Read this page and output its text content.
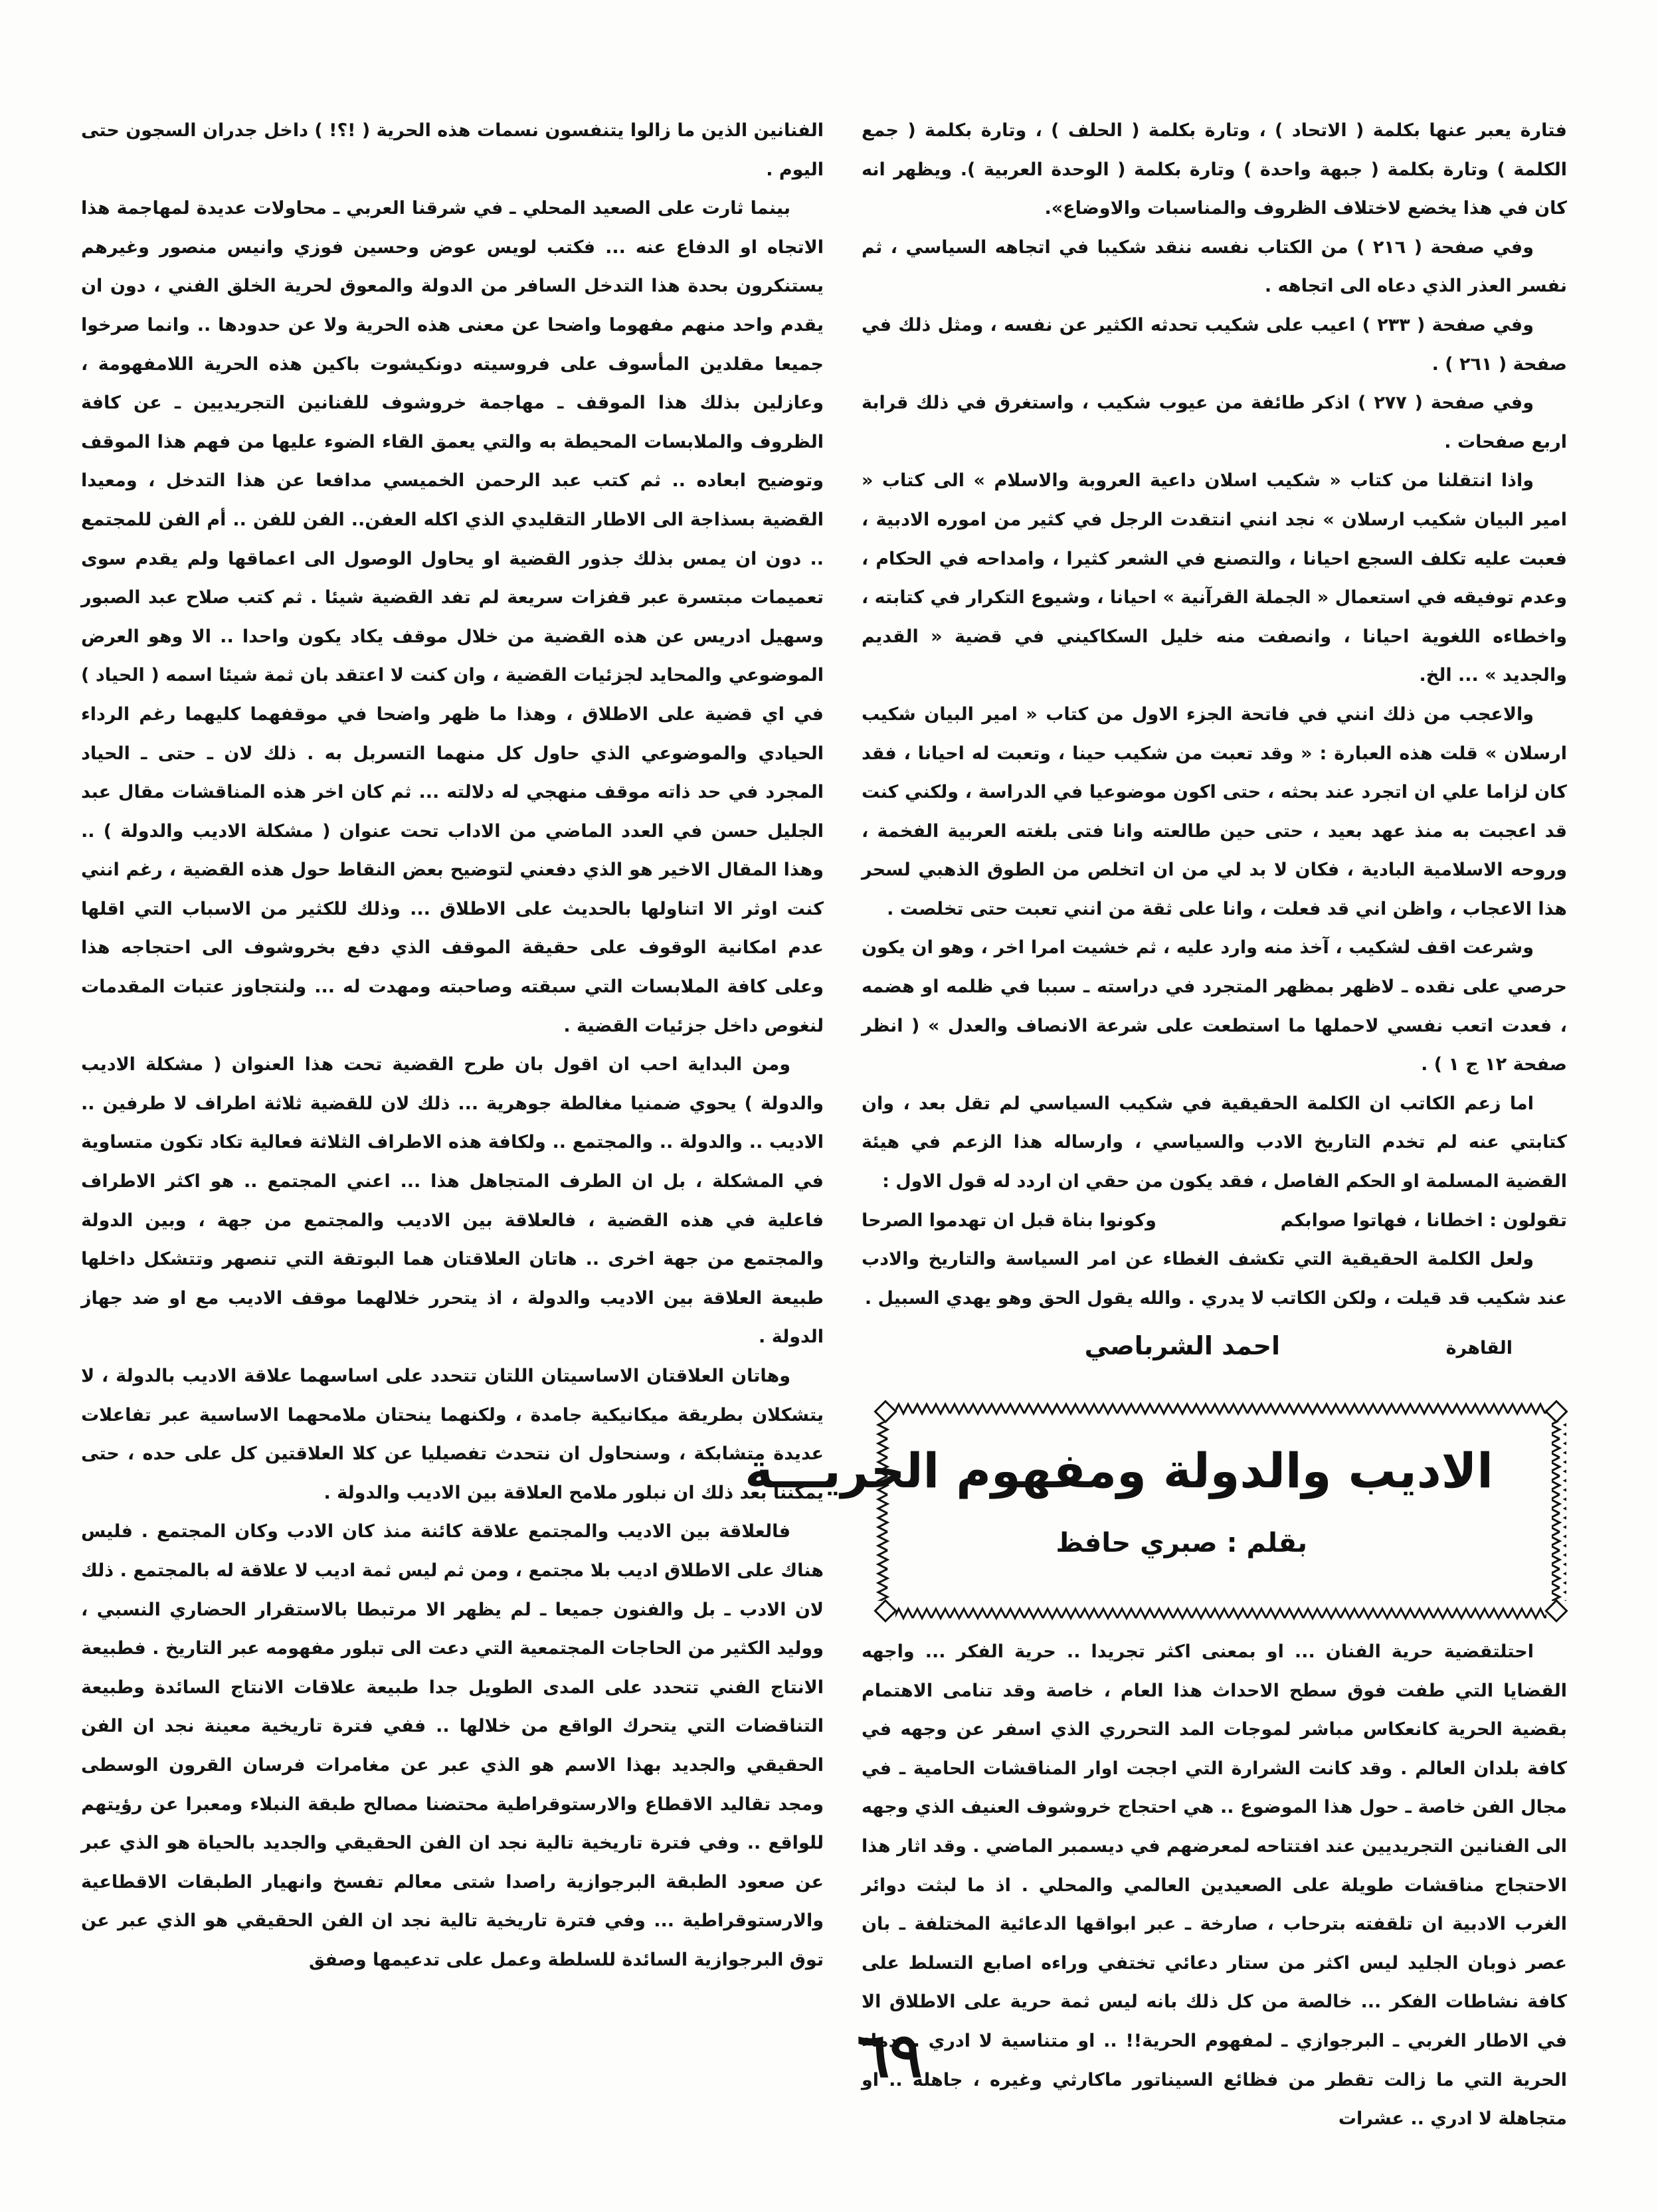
فتارة يعبر عنها بكلمة ( الاتحاد ) ، وتارة بكلمة ( الحلف ) ، وتارة بكلمة ( جمع الكلمة ) وتارة بكلمة ( جبهة واحدة ) وتارة بكلمة ( الوحدة العربية ). ويظهر انه كان في هذا يخضع لاختلاف الظروف والمناسبات والاوضاع».

وفي صفحة ( ٢١٦ ) من الكتاب نفسه ننقد شكيبا في اتجاهه السياسي ، ثم نفسر العذر الذي دعاه الى اتجاهه .

وفي صفحة ( ٢٣٣ ) اعيب على شكيب تحدثه الكثير عن نفسه ، ومثل ذلك في صفحة ( ٢٦١ ) .

وفي صفحة ( ٢٧٧ ) اذكر طائفة من عيوب شكيب ، واستغرق في ذلك قرابة اربع صفحات .

واذا انتقلنا من كتاب « شكيب اسلان داعية العروبة والاسلام » الى كتاب « امير البيان شكيب ارسلان » نجد انني انتقدت الرجل في كثير من اموره الادبية ، فعبت عليه تكلف السجع احيانا ، والتصنع في الشعر كثيرا ، وامداحه في الحكام ، وعدم توفيقه في استعمال « الجملة القرآنية » احيانا ، وشيوع التكرار في كتابته ، واخطاءه اللغوية احيانا ، وانصفت منه خليل السكاكيني في قضية « القديم والجديد » ... الخ.

والاعجب من ذلك انني في فاتحة الجزء الاول من كتاب « امير البيان شكيب ارسلان » قلت هذه العبارة : « وقد تعبت من شكيب حينا ، وتعبت له احيانا ، فقد كان لزاما علي ان اتجرد عند بحثه ، حتى اكون موضوعيا في الدراسة ، ولكني كنت قد اعجبت به منذ عهد بعيد ، حتى حين طالعته وانا فتى بلغته العربية الفخمة ، وروحه الاسلامية البادية ، فكان لا بد لي من ان اتخلص من الطوق الذهبي لسحر هذا الاعجاب ، واظن اني قد فعلت ، وانا على ثقة من انني تعبت حتى تخلصت .

وشرعت اقف لشكيب ، آخذ منه وارد عليه ، ثم خشيت امرا اخر ، وهو ان يكون حرصي على نقده ـ لاظهر بمظهر المتجرد في دراسته ـ سببا في ظلمه او هضمه ، فعدت اتعب نفسي لاحملها ما استطعت على شرعة الانصاف والعدل » ( انظر صفحة ١٢ ج ١ ) .

اما زعم الكاتب ان الكلمة الحقيقية في شكيب السياسي لم تقل بعد ، وان كتابتي عنه لم تخدم التاريخ الادب والسياسي ، وارساله هذا الزعم في هيئة القضية المسلمة او الحكم الفاصل ، فقد يكون من حقي ان اردد له قول الاول :

تقولون : اخطانا ، فهاتوا صوابكم
وكونوا بناة قبل ان تهدموا الصرحا

ولعل الكلمة الحقيقية التي تكشف الغطاء عن امر السياسة والتاريخ والادب عند شكيب قد قيلت ، ولكن الكاتب لا يدري . والله يقول الحق وهو يهدي السبيل .

القاهرة
احمد الشرباصي
الاديب والدولة ومفهوم الحريـــة
بقلم : صبري حافظ

احتلتقضية حرية الفنان ... او بمعنى اكثر تجريدا .. حرية الفكر ... واجهه القضايا التي طفت فوق سطح الاحداث هذا العام ، خاصة وقد تنامى الاهتمام بقضية الحرية كانعكاس مباشر لموجات المد التحرري الذي اسفر عن وجهه في كافة بلدان العالم . وقد كانت الشرارة التي اججت اوار المناقشات الحامية ـ في مجال الفن خاصة ـ حول هذا الموضوع .. هي احتجاج خروشوف العنيف الذي وجهه الى الفنانين التجريديين عند افتتاحه لمعرضهم في ديسمبر الماضي . وقد اثار هذا الاحتجاج مناقشات طويلة على الصعيدين العالمي والمحلي . اذ ما لبثت دوائر الغرب الادبية ان تلقفته بترحاب ، صارخة ـ عبر ابواقها الدعائية المختلفة ـ بان عصر ذوبان الجليد ليس اكثر من ستار دعائي تختفي وراءه اصابع التسلط على كافة نشاطات الفكر ... خالصة من كل ذلك بانه ليس ثمة حرية على الاطلاق الا في الاطار الغربي ـ البرجوازي ـ لمفهوم الحرية!! .. او متناسية لا ادري .. دماء الحرية التي ما زالت تقطر من فظائع السيناتور ماكارثي وغيره ، جاهله .. او متجاهلة لا ادري .. عشرات

الفنانين الذين ما زالوا يتنفسون نسمات هذه الحرية ( !؟! ) داخل جدران السجون حتى اليوم .

بينما ثارت على الصعيد المحلي ـ في شرقنا العربي ـ محاولات عديدة لمهاجمة هذا الاتجاه او الدفاع عنه ... فكتب لويس عوض وحسين فوزي وانيس منصور وغيرهم يستنكرون بحدة هذا التدخل السافر من الدولة والمعوق لحرية الخلق الفني ، دون ان يقدم واحد منهم مفهوما واضحا عن معنى هذه الحرية ولا عن حدودها .. وانما صرخوا جميعا مقلدين المأسوف على فروسيته دونكيشوت باكين هذه الحرية اللامفهومة ، وعازلين بذلك هذا الموقف ـ مهاجمة خروشوف للفنانين التجريديين ـ عن كافة الظروف والملابسات المحيطة به والتي يعمق القاء الضوء عليها من فهم هذا الموقف وتوضيح ابعاده .. ثم كتب عبد الرحمن الخميسي مدافعا عن هذا التدخل ، ومعيدا القضية بسذاجة الى الاطار التقليدي الذي اكله العفن.. الفن للفن .. أم الفن للمجتمع .. دون ان يمس بذلك جذور القضية او يحاول الوصول الى اعماقها ولم يقدم سوى تعميمات مبتسرة عبر قفزات سريعة لم تفد القضية شيئا . ثم كتب صلاح عبد الصبور وسهيل ادريس عن هذه القضية من خلال موقف يكاد يكون واحدا .. الا وهو العرض الموضوعي والمحايد لجزئيات القضية ، وان كنت لا اعتقد بان ثمة شيئا اسمه ( الحياد ) في اي قضية على الاطلاق ، وهذا ما ظهر واضحا في موقفهما كليهما رغم الرداء الحيادي والموضوعي الذي حاول كل منهما التسربل به . ذلك لان ـ حتى ـ الحياد المجرد في حد ذاته موقف منهجي له دلالته ... ثم كان اخر هذه المناقشات مقال عبد الجليل حسن في العدد الماضي من الاداب تحت عنوان ( مشكلة الاديب والدولة ) .. وهذا المقال الاخير هو الذي دفعني لتوضيح بعض النقاط حول هذه القضية ، رغم انني كنت اوثر الا اتناولها بالحديث على الاطلاق ... وذلك للكثير من الاسباب التي اقلها عدم امكانية الوقوف على حقيقة الموقف الذي دفع بخروشوف الى احتجاجه هذا وعلى كافة الملابسات التي سبقته وصاحبته ومهدت له ... ولنتجاوز عتبات المقدمات لنغوص داخل جزئيات القضية .

ومن البداية احب ان اقول بان طرح القضية تحت هذا العنوان ( مشكلة الاديب والدولة ) يحوي ضمنيا مغالطة جوهرية ... ذلك لان للقضية ثلاثة اطراف لا طرفين .. الاديب .. والدولة .. والمجتمع .. ولكافة هذه الاطراف الثلاثة فعالية تكاد تكون متساوية في المشكلة ، بل ان الطرف المتجاهل هذا ... اعني المجتمع .. هو اكثر الاطراف فاعلية في هذه القضية ، فالعلاقة بين الاديب والمجتمع من جهة ، وبين الدولة والمجتمع من جهة اخرى .. هاتان العلاقتان هما البوتقة التي تنصهر وتتشكل داخلها طبيعة العلاقة بين الاديب والدولة ، اذ يتحرر خلالهما موقف الاديب مع او ضد جهاز الدولة .

وهاتان العلاقتان الاساسيتان اللتان تتحدد على اساسهما علاقة الاديب بالدولة ، لا يتشكلان بطريقة ميكانيكية جامدة ، ولكنهما ينحتان ملامحهما الاساسية عبر تفاعلات عديدة متشابكة ، وسنحاول ان نتحدث تفصيليا عن كلا العلاقتين كل على حده ، حتى يمكننا بعد ذلك ان نبلور ملامح العلاقة بين الاديب والدولة .

فالعلاقة بين الاديب والمجتمع علاقة كائنة منذ كان الادب وكان المجتمع . فليس هناك على الاطلاق اديب بلا مجتمع ، ومن ثم ليس ثمة اديب لا علاقة له بالمجتمع . ذلك لان الادب ـ بل والفنون جميعا ـ لم يظهر الا مرتبطا بالاستقرار الحضاري النسبي ، ووليد الكثير من الحاجات المجتمعية التي دعت الى تبلور مفهومه عبر التاريخ . فطبيعة الانتاج الفني تتحدد على المدى الطويل جدا طبيعة علاقات الانتاج السائدة وطبيعة التناقضات التي يتحرك الواقع من خلالها .. ففي فترة تاريخية معينة نجد ان الفن الحقيقي والجديد بهذا الاسم هو الذي عبر عن مغامرات فرسان القرون الوسطى ومجد تقاليد الاقطاع والارستوقراطية محتضنا مصالح طبقة النبلاء ومعبرا عن رؤيتهم للواقع .. وفي فترة تاريخية تالية نجد ان الفن الحقيقي والجديد بالحياة هو الذي عبر عن صعود الطبقة البرجوازية راصدا شتى معالم تفسخ وانهيار الطبقات الاقطاعية والارستوقراطية ... وفي فترة تاريخية تالية نجد ان الفن الحقيقي هو الذي عبر عن توق البرجوازية السائدة للسلطة وعمل على تدعيمها وصفق

٦٩
